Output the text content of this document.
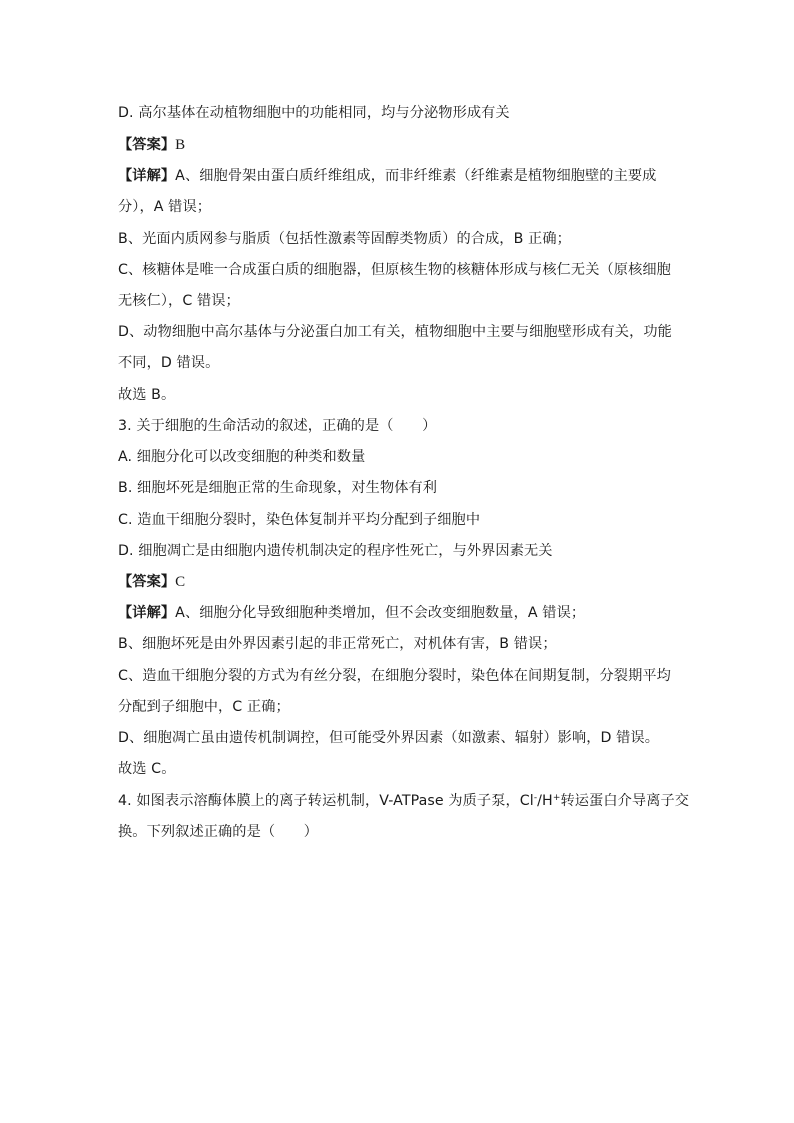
D. 高尔基体在动植物细胞中的功能相同，均与分泌物形成有关
【答案】B
【详解】A、细胞骨架由蛋白质纤维组成，而非纤维素（纤维素是植物细胞壁的主要成
分），A 错误；
B、光面内质网参与脂质（包括性激素等固醇类物质）的合成，B 正确；
C、核糖体是唯一合成蛋白质的细胞器，但原核生物的核糖体形成与核仁无关（原核细胞
无核仁），C 错误；
D、动物细胞中高尔基体与分泌蛋白加工有关，植物细胞中主要与细胞壁形成有关，功能
不同，D 错误。
故选 B。
3. 关于细胞的生命活动的叙述，正确的是（　　）
A. 细胞分化可以改变细胞的种类和数量
B. 细胞坏死是细胞正常的生命现象，对生物体有利
C. 造血干细胞分裂时，染色体复制并平均分配到子细胞中
D. 细胞凋亡是由细胞内遗传机制决定的程序性死亡，与外界因素无关
【答案】C
【详解】A、细胞分化导致细胞种类增加，但不会改变细胞数量，A 错误；
B、细胞坏死是由外界因素引起的非正常死亡，对机体有害，B 错误；
C、造血干细胞分裂的方式为有丝分裂，在细胞分裂时，染色体在间期复制，分裂期平均
分配到子细胞中，C 正确；
D、细胞凋亡虽由遗传机制调控，但可能受外界因素（如激素、辐射）影响，D 错误。
故选 C。
4. 如图表示溶酶体膜上的离子转运机制，V-ATPase 为质子泵，Cl-/H+转运蛋白介导离子交
换。下列叙述正确的是（　　）
